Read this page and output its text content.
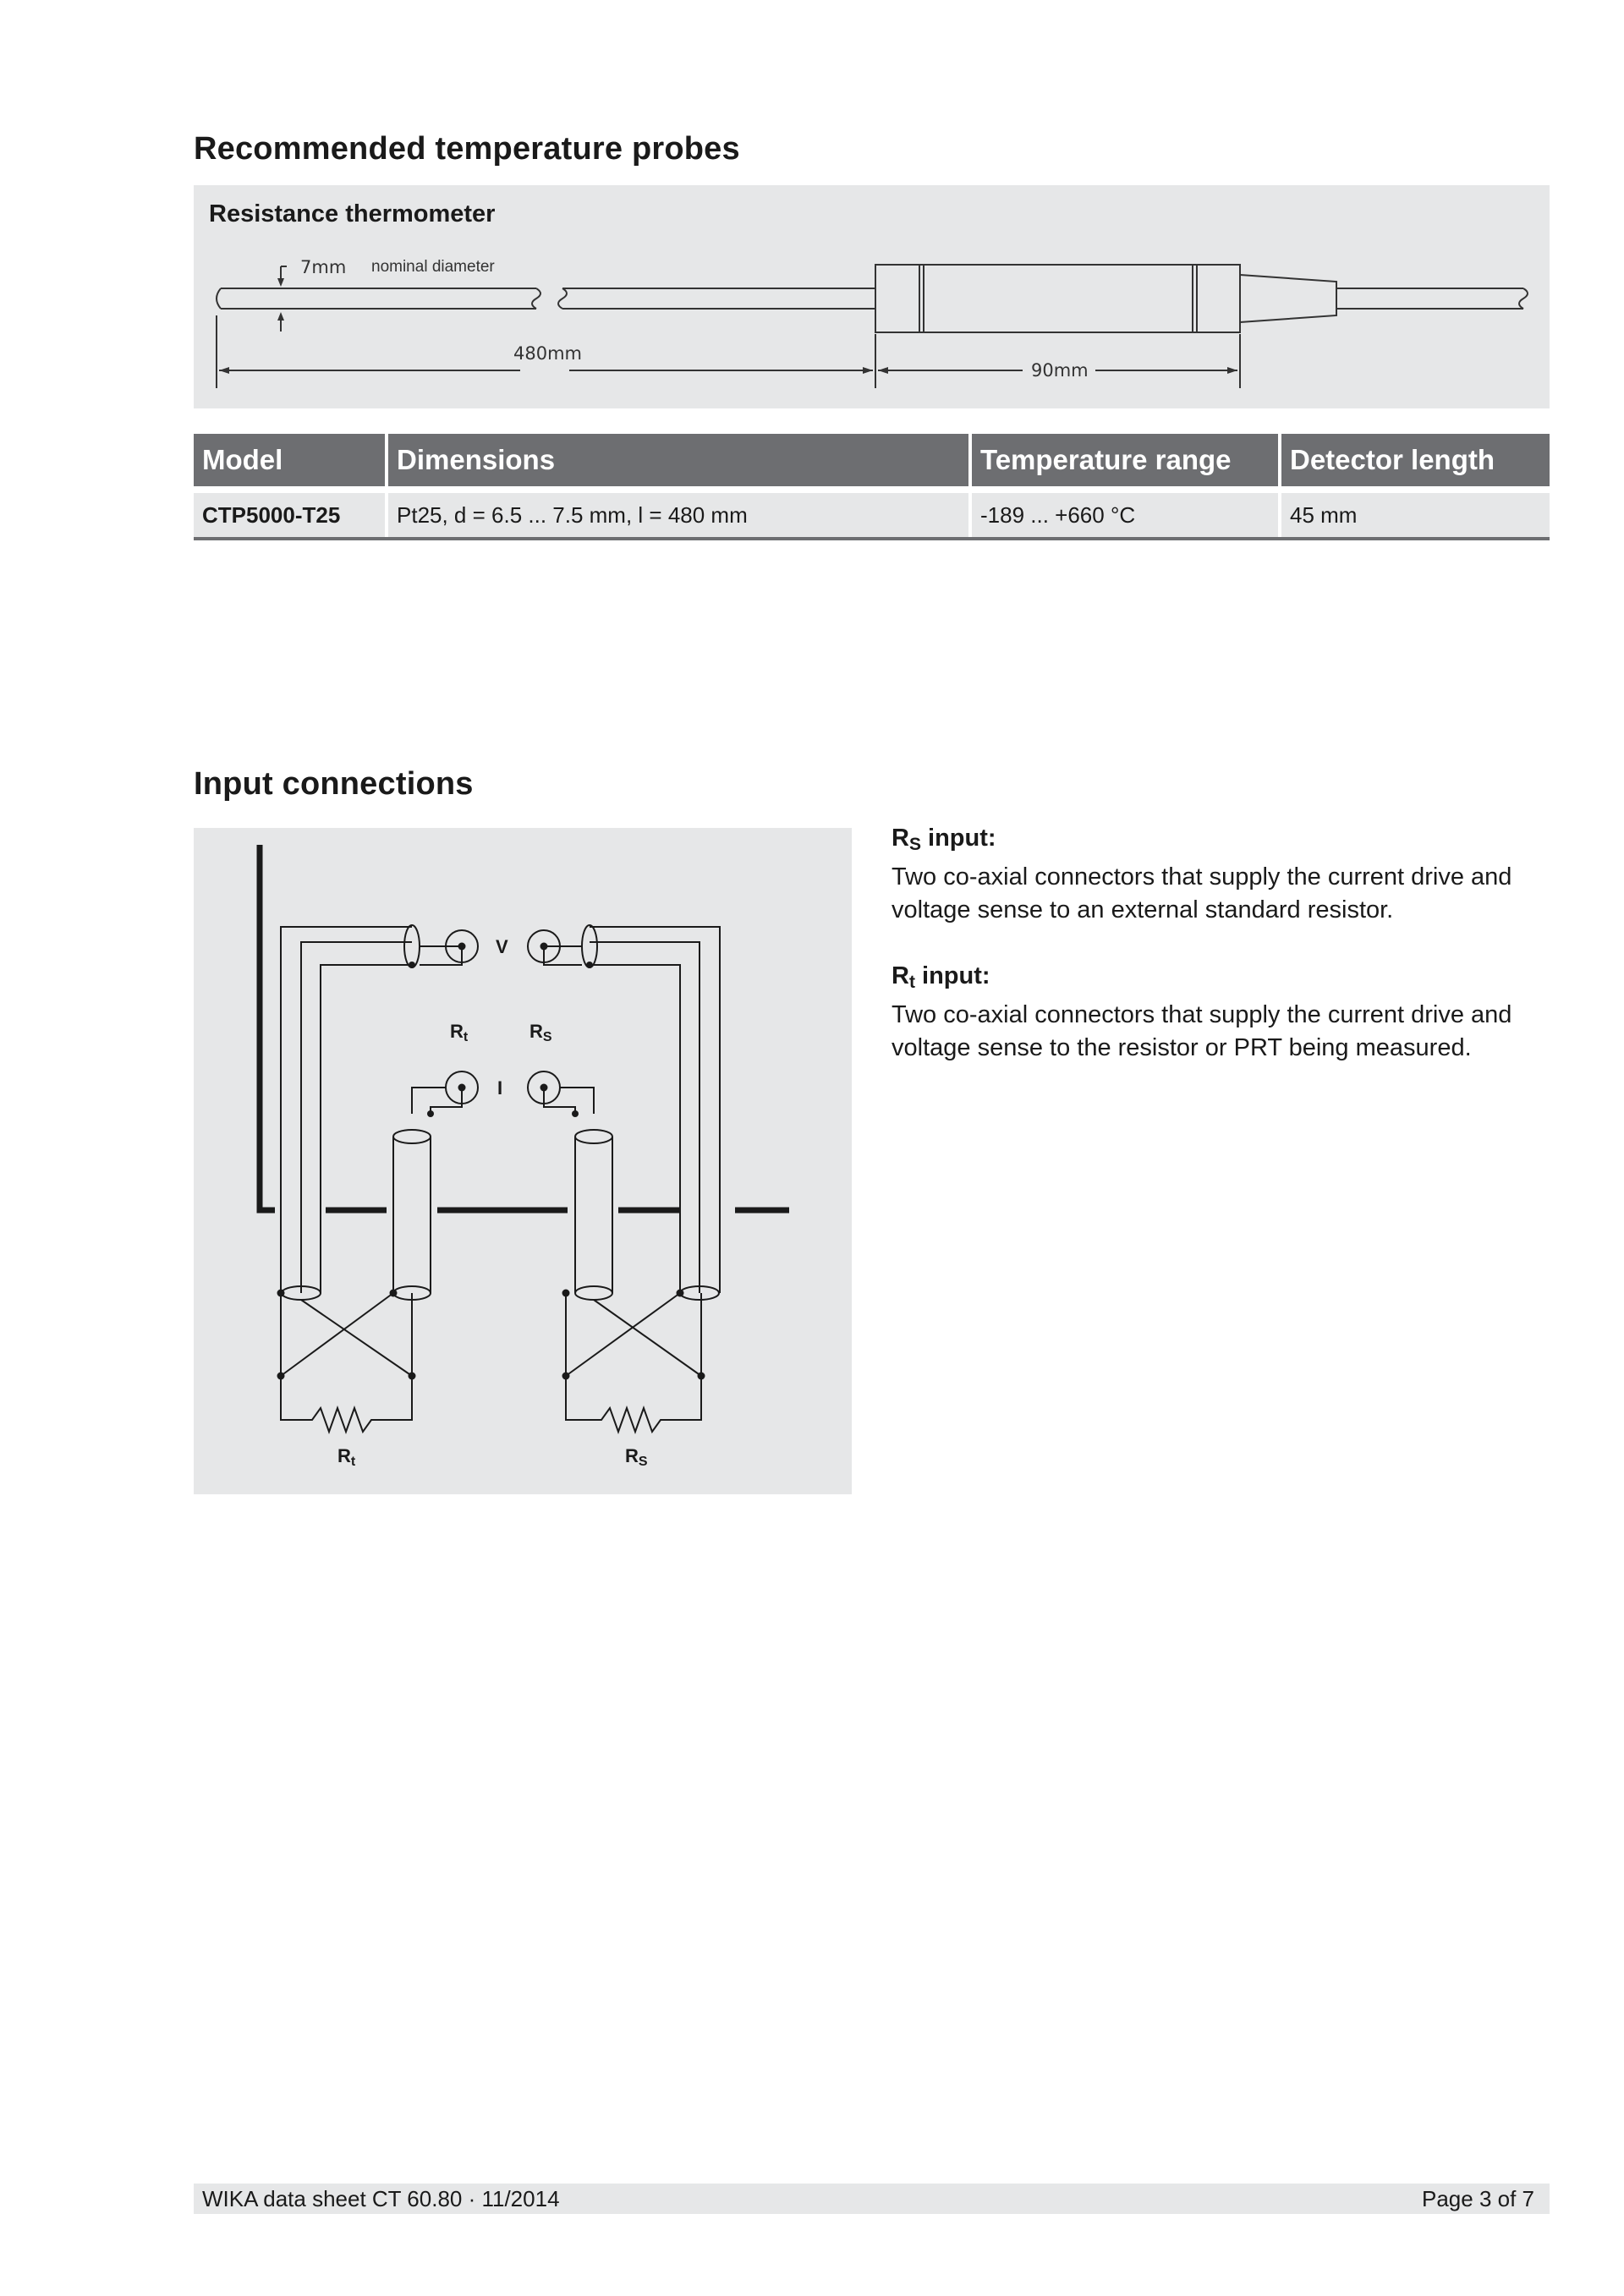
Recommended temperature probes
Resistance thermometer
7mm nominal diameter
480mm
90mm
Model	Dimensions	Temperature range	Detector length

CTP5000-T25	Pt25, d = 6.5 ... 7.5 mm, l = 480 mm	-189 ... +660 °C	45 mm
Input connections
V
I
Rt	RS
Rt	RS

$R_S$ input:

Two co-axial connectors that supply the current drive and voltage sense to an external standard resistor.

$R_t$ input:

Two co-axial connectors that supply the current drive and voltage sense to the resistor or PRT being measured.

WIKA data sheet CT 60.80 · 11/2014	Page 3 of 7
